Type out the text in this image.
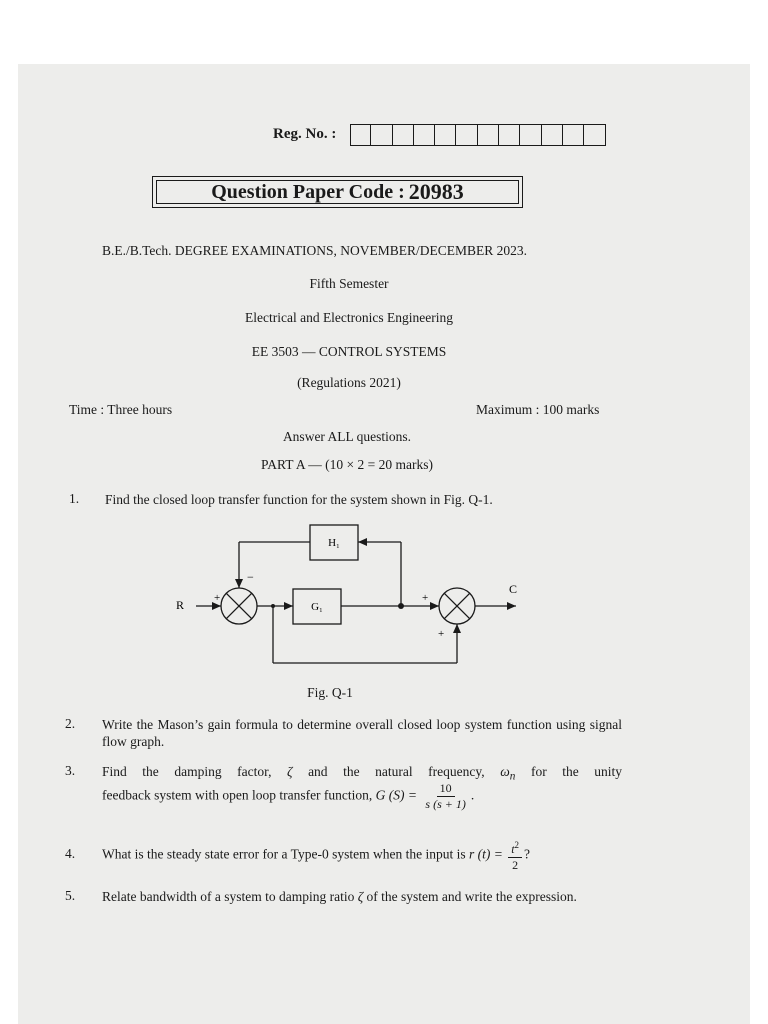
Reg. No. :
Question Paper Code : 20983
B.E./B.Tech. DEGREE EXAMINATIONS, NOVEMBER/DECEMBER 2023.
Fifth Semester
Electrical and Electronics Engineering
EE 3503 — CONTROL SYSTEMS
(Regulations 2021)
Time : Three hours	Maximum : 100 marks
Answer ALL questions.
PART A — (10 × 2 = 20 marks)
1. Find the closed loop transfer function for the system shown in Fig. Q-1.
R
C
G₁
H₁
+
−
+
+
Fig. Q-1
2. Write the Mason’s gain formula to determine overall closed loop system function using signal flow graph.
3. Find the damping factor, ζ and the natural frequency, $\omega_n$ for the unity
feedback system with open loop transfer function, G $(S) = \frac{10}{s (s + 1)}$ .
4. What is the steady state error for a Type-0 system when the input is r $(t) = \frac{t^2}{2}$ ?
5. Relate bandwidth of a system to damping ratio ζ of the system and write the expression.
